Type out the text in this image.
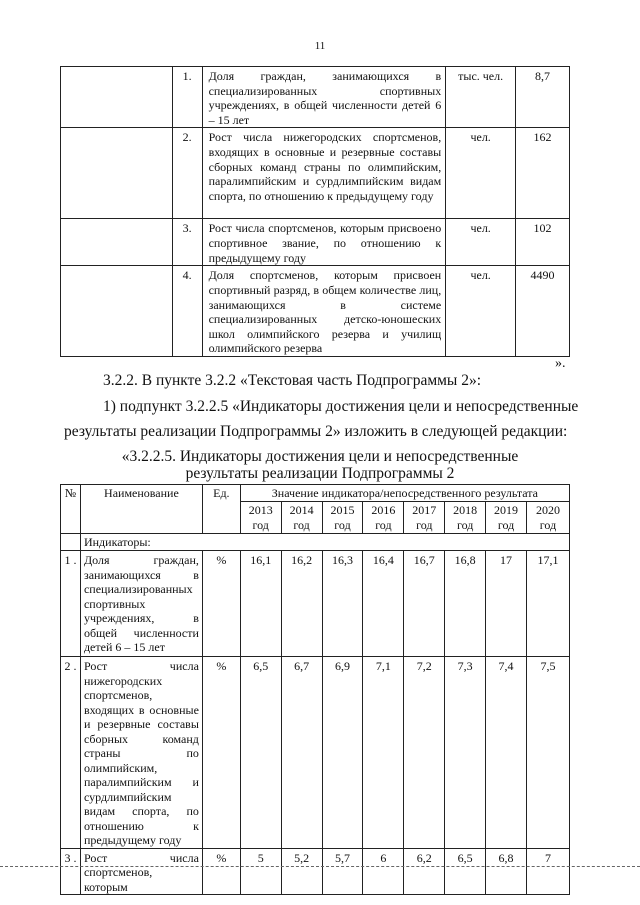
11
	1.	Доля граждан, занимающихся в специализированных спортивных учреждениях, в общей численности детей 6 – 15 лет	тыс. чел.	8,7
	2.	Рост числа нижегородских спортсменов, входящих в основные и резервные составы сборных команд страны по олимпийским, паралимпийским и сурдлимпийским видам спорта, по отношению к предыдущему году	чел.	162
	3.	Рост числа спортсменов, которым присвоено спортивное звание, по отношению к предыдущему году	чел.	102
	4.	Доля спортсменов, которым присвоен спортивный разряд, в общем количестве лиц, занимающихся в системе специализированных детско-юношеских школ олимпийского резерва и училищ олимпийского резерва	чел.	4490
».
3.2.2. В пункте 3.2.2 «Текстовая часть Подпрограммы 2»:
1) подпункт 3.2.2.5 «Индикаторы достижения цели и непосредственные
результаты реализации Подпрограммы 2» изложить в следующей редакции:
«3.2.2.5. Индикаторы достижения цели и непосредственные результаты реализации Подпрограммы 2
№	Наименование	Ед.	Значение индикатора/непосредственного результата							
			2013 год	2014 год	2015 год	2016 год	2017 год	2018 год	2019 год	2020 год
	Индикаторы:									
1 .	Доля граждан, занимающихся в специализированных спортивных учреждениях, в общей численности детей 6 – 15 лет	%	16,1	16,2	16,3	16,4	16,7	16,8	17	17,1
2 .	Рост числа нижегородских спортсменов, входящих в основные и резервные составы сборных команд страны по олимпийским, паралимпийским и сурдлимпийским видам спорта, по отношению к предыдущему году	%	6,5	6,7	6,9	7,1	7,2	7,3	7,4	7,5
3 .	Рост числа спортсменов, которым	%	5	5,2	5,7	6	6,2	6,5	6,8	7
